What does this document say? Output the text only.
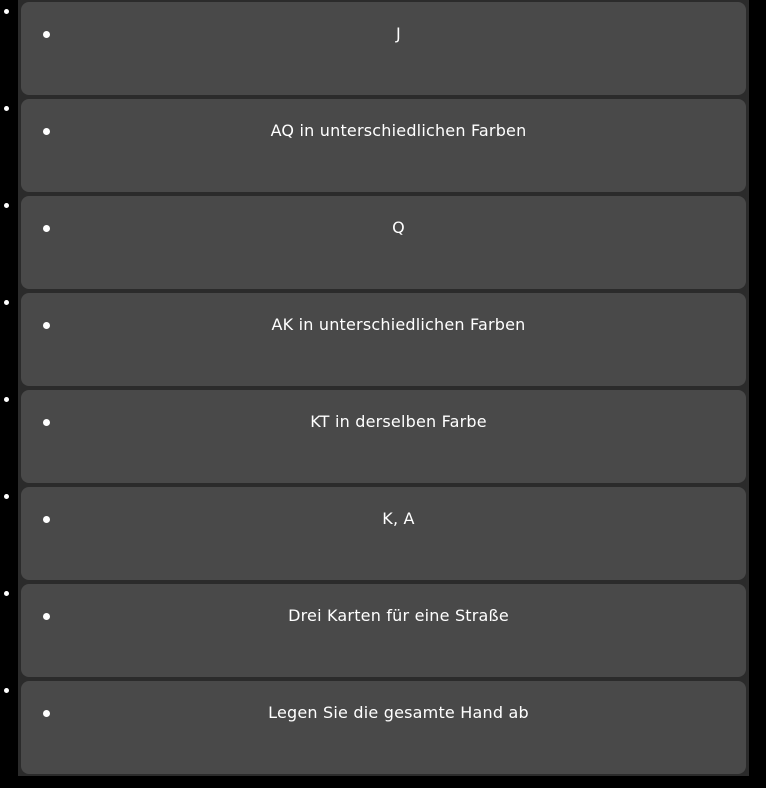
• J
• AQ in unterschiedlichen Farben
• Q
• AK in unterschiedlichen Farben
• KT in derselben Farbe
• K, A
• Drei Karten für eine Straße
• Legen Sie die gesamte Hand ab
